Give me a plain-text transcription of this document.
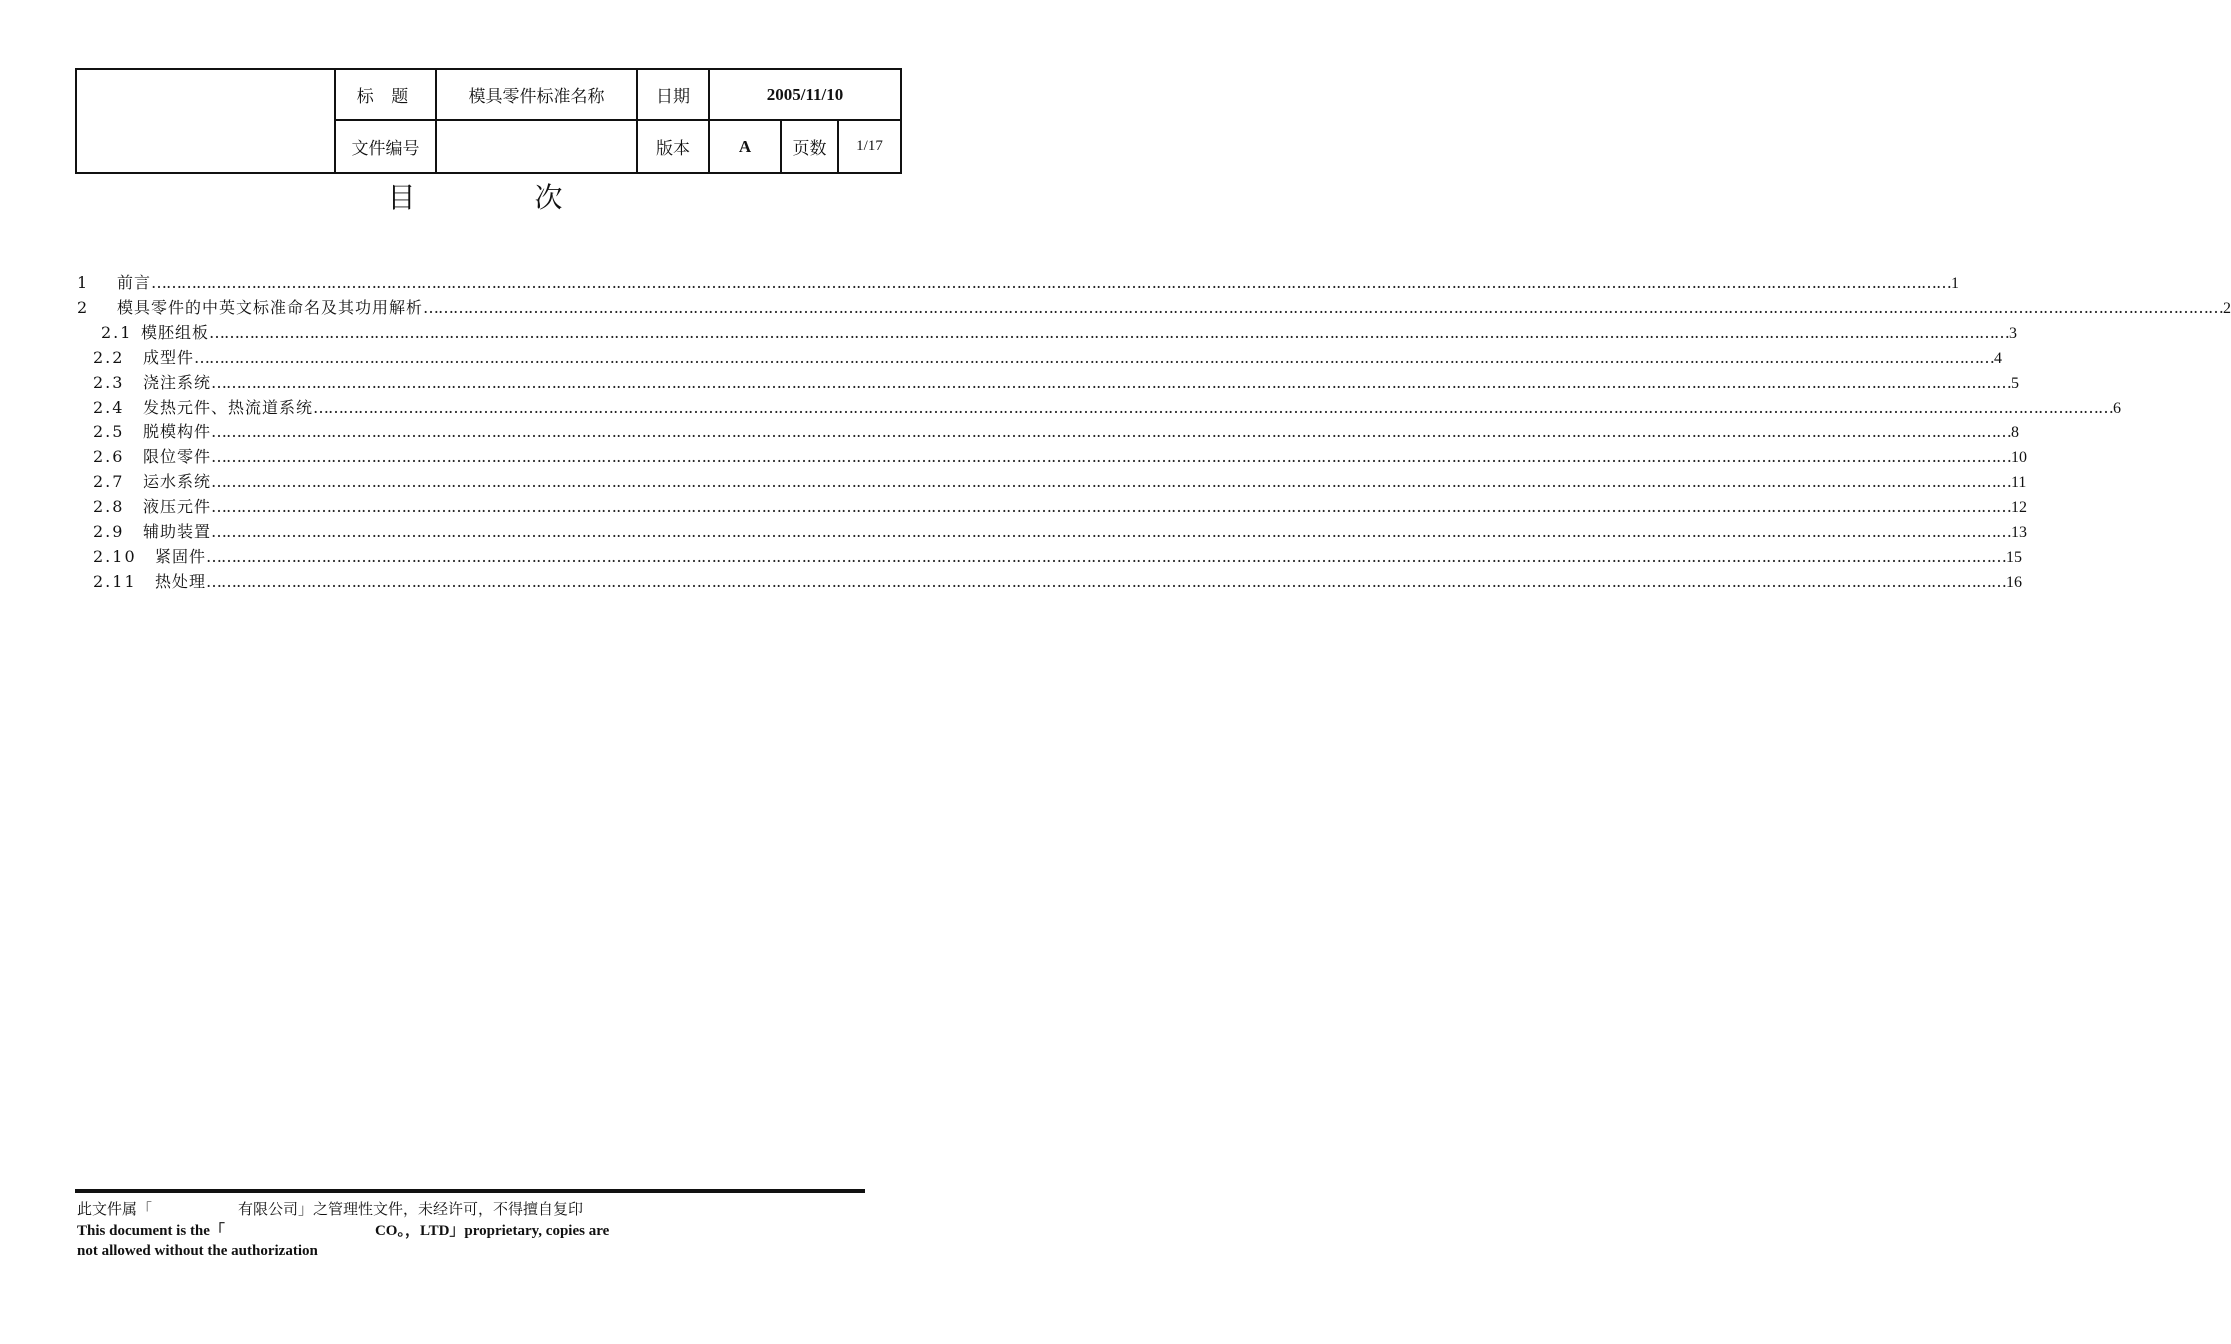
	标 题	模具零件标准名称	日期	2005/11/10		
	文件编号		版本	A	页数	1/17
目 次
1	前言 ……………………………………………………………………………………………………………………………………………………………………………………………………………………………………………………………………………………………………………………………… 1
2	模具零件的中英文标准命名及其功用解析 ……………………………………………………………………………………………………………………………………………………………………………………………………………………………………………………………………………………………………………………………… 2
2.1 模胚组板 ……………………………………………………………………………………………………………………………………………………………………………………………………………………………………………………………………………………………………………………………… 3
2.2	成型件 ……………………………………………………………………………………………………………………………………………………………………………………………………………………………………………………………………………………………………………………………… 4
2.3	浇注系统 ……………………………………………………………………………………………………………………………………………………………………………………………………………………………………………………………………………………………………………………………… 5
2.4	发热元件、热流道系统 ……………………………………………………………………………………………………………………………………………………………………………………………………………………………………………………………………………………………………………………………… 6
2.5	脱模构件 ……………………………………………………………………………………………………………………………………………………………………………………………………………………………………………………………………………………………………………………………… 8
2.6	限位零件 ……………………………………………………………………………………………………………………………………………………………………………………………………………………………………………………………………………………………………………………………… 10
2.7	运水系统 ……………………………………………………………………………………………………………………………………………………………………………………………………………………………………………………………………………………………………………………………… 11
2.8	液压元件 ……………………………………………………………………………………………………………………………………………………………………………………………………………………………………………………………………………………………………………………………… 12
2.9	辅助装置 ……………………………………………………………………………………………………………………………………………………………………………………………………………………………………………………………………………………………………………………………… 13
2.10	紧固件 ……………………………………………………………………………………………………………………………………………………………………………………………………………………………………………………………………………………………………………………………… 15
2.11	热处理 ……………………………………………………………………………………………………………………………………………………………………………………………………………………………………………………………………………………………………………………………… 16
此文件属「	有限公司」之管理性文件，未经许可，不得擅自复印
This document is the「	CO。，LTD」proprietary, copies are
not allowed without the authorization
